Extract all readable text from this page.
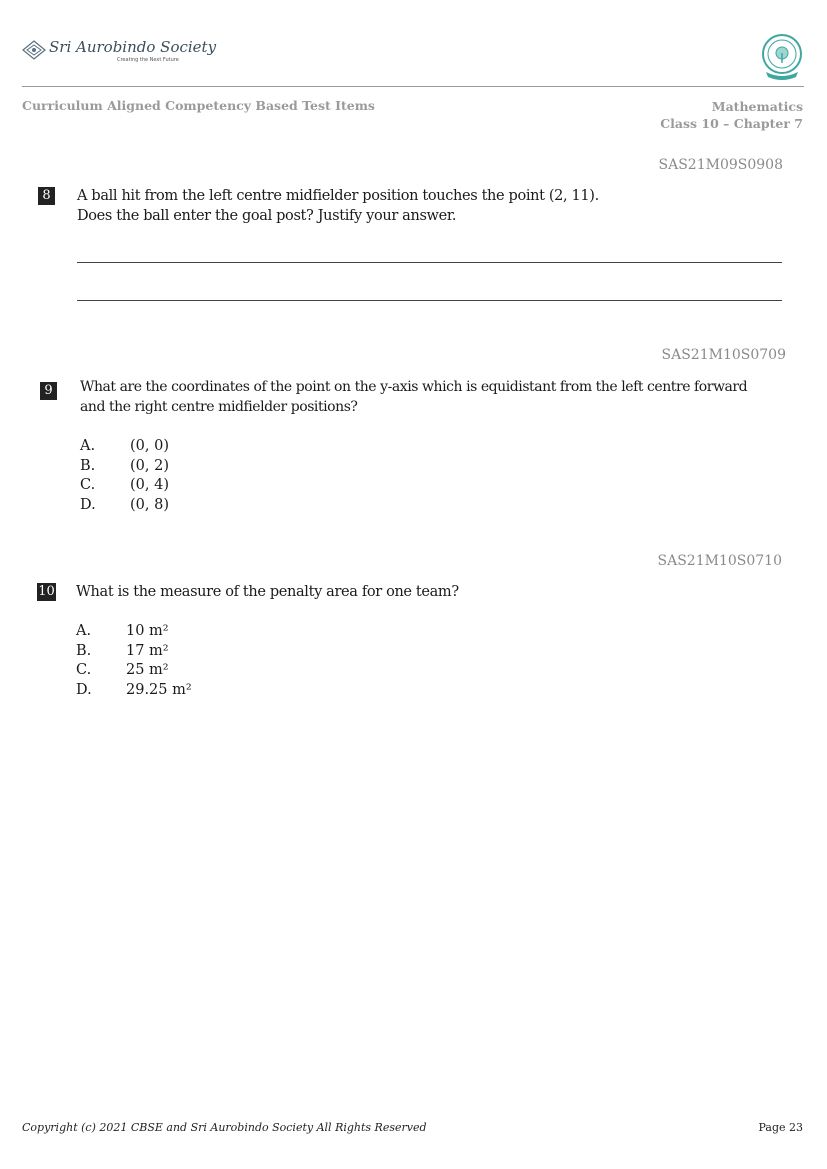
Sri Aurobindo Society
Creating the Next Future
Curriculum Aligned Competency Based Test Items	Mathematics
Class 10 – Chapter 7
SAS21M09S0908
8	A ball hit from the left centre midfielder position touches the point (2, 11).
Does the ball enter the goal post? Justify your answer.
SAS21M10S0709
9	What are the coordinates of the point on the y-axis which is equidistant from the left centre forward
and the right centre midfielder positions?
A.	(0, 0)
B.	(0, 2)
C.	(0, 4)
D.	(0, 8)
SAS21M10S0710
10 What is the measure of the penalty area for one team?
A.	10 m²
B.	17 m²
C.	25 m²
D.	29.25 m²
Copyright (c) 2021 CBSE and Sri Aurobindo Society All Rights Reserved	Page 23
